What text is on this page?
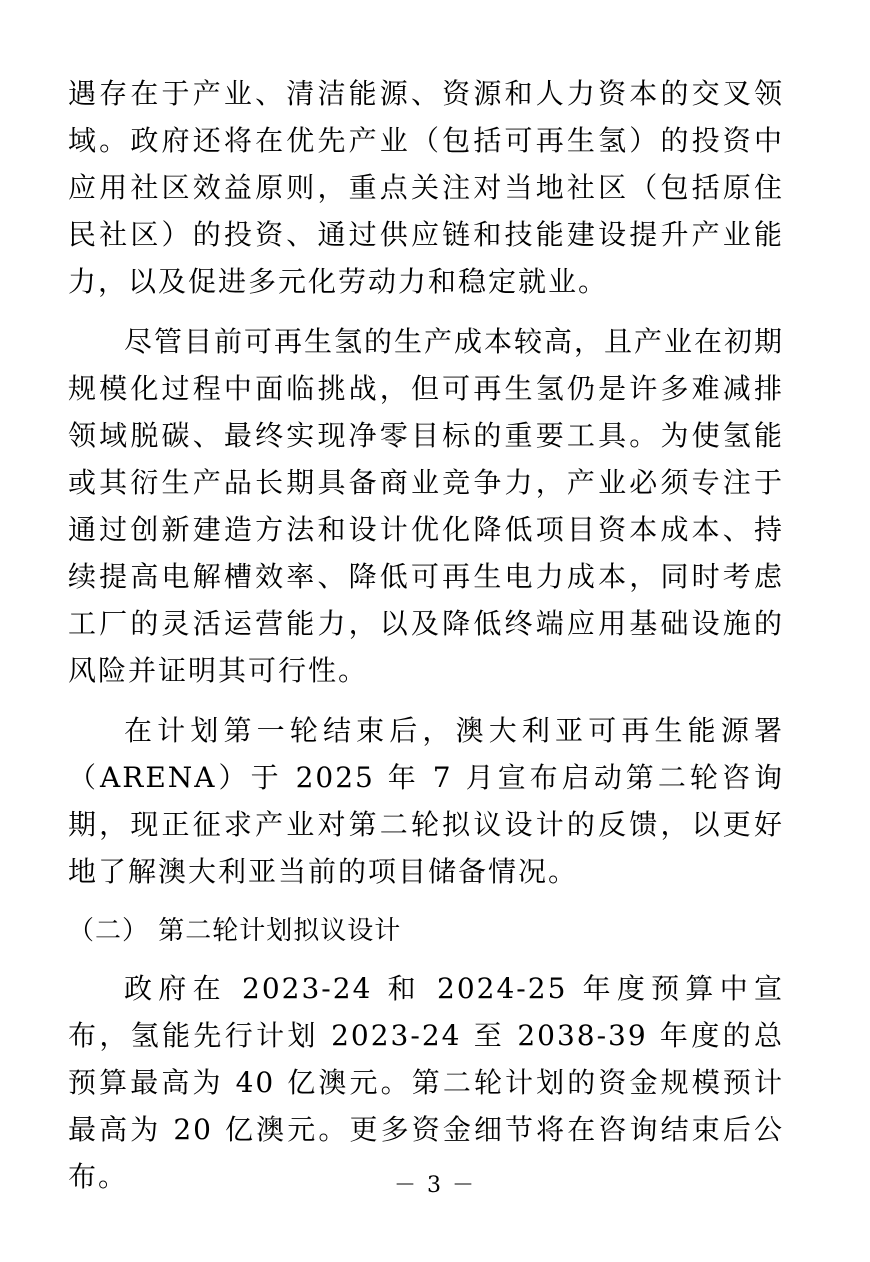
遇存在于产业、清洁能源、资源和人力资本的交叉领域。政府还将在优先产业（包括可再生氢）的投资中应用社区效益原则，重点关注对当地社区（包括原住民社区）的投资、通过供应链和技能建设提升产业能力，以及促进多元化劳动力和稳定就业。

尽管目前可再生氢的生产成本较高，且产业在初期规模化过程中面临挑战，但可再生氢仍是许多难减排领域脱碳、最终实现净零目标的重要工具。为使氢能或其衍生产品长期具备商业竞争力，产业必须专注于通过创新建造方法和设计优化降低项目资本成本、持续提高电解槽效率、降低可再生电力成本，同时考虑工厂的灵活运营能力，以及降低终端应用基础设施的风险并证明其可行性。

在计划第一轮结束后，澳大利亚可再生能源署（ARENA）于 2025 年 7 月宣布启动第二轮咨询期，现正征求产业对第二轮拟议设计的反馈，以更好地了解澳大利亚当前的项目储备情况。

（二） 第二轮计划拟议设计

政府在 2023-24 和 2024-25 年度预算中宣布，氢能先行计划 2023-24 至 2038-39 年度的总预算最高为 40 亿澳元。第二轮计划的资金规模预计最高为 20 亿澳元。更多资金细节将在咨询结束后公布。	－ 3 －
